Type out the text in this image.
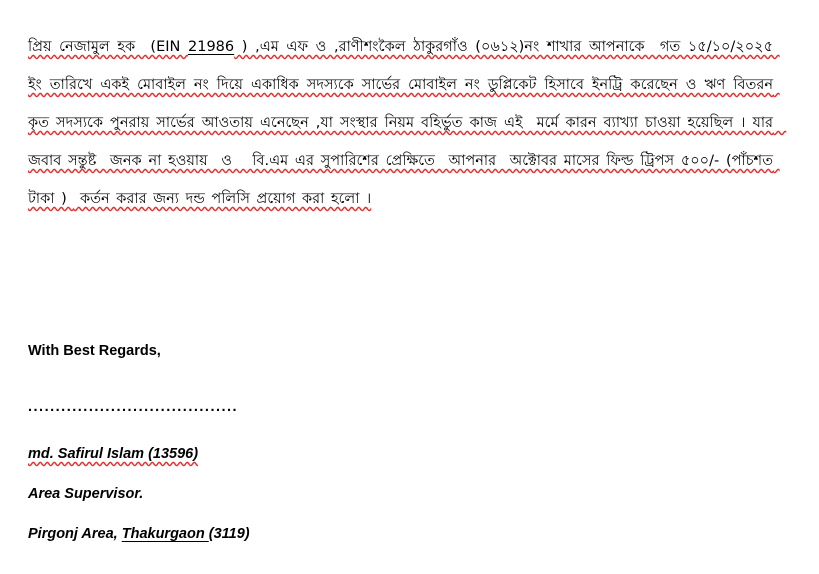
প্রিয় নেজামুল হক  (EIN 21986 ) ,এম এফ ও ,রাণীশংকৈল ঠাকুরগাঁও (০৬১২)নং শাখার আপনাকে  গত ১৫/১০/২০২৫ ইং তারিখে একই মোবাইল নং দিয়ে একাধিক সদস্যকে সার্ভের মোবাইল নং ডুপ্লিকেট হিসাবে ইনট্রি করেছেন ও ঋণ বিতরন কৃত সদস্যকে পুনরায় সার্ভের আওতায় এনেছেন ,যা সংস্থার নিয়ম বহির্ভুত কাজ এই  মর্মে কারন ব্যাখ্যা চাওয়া হয়েছিল । যার  জবাব সন্তুষ্ট  জনক না হওয়ায়  ও   বি.এম এর সুপারিশের প্রেক্ষিতে  আপনার  অক্টোবর মাসের ফিল্ড ট্রিপস ৫০০/- (পাঁচশত টাকা )  কর্তন করার জন্য দন্ড পলিসি প্রয়োগ করা হলো ।

With Best Regards,

......................................

md. Safirul Islam (13596)

Area Supervisor.

Pirgonj Area, Thakurgaon (3119)
